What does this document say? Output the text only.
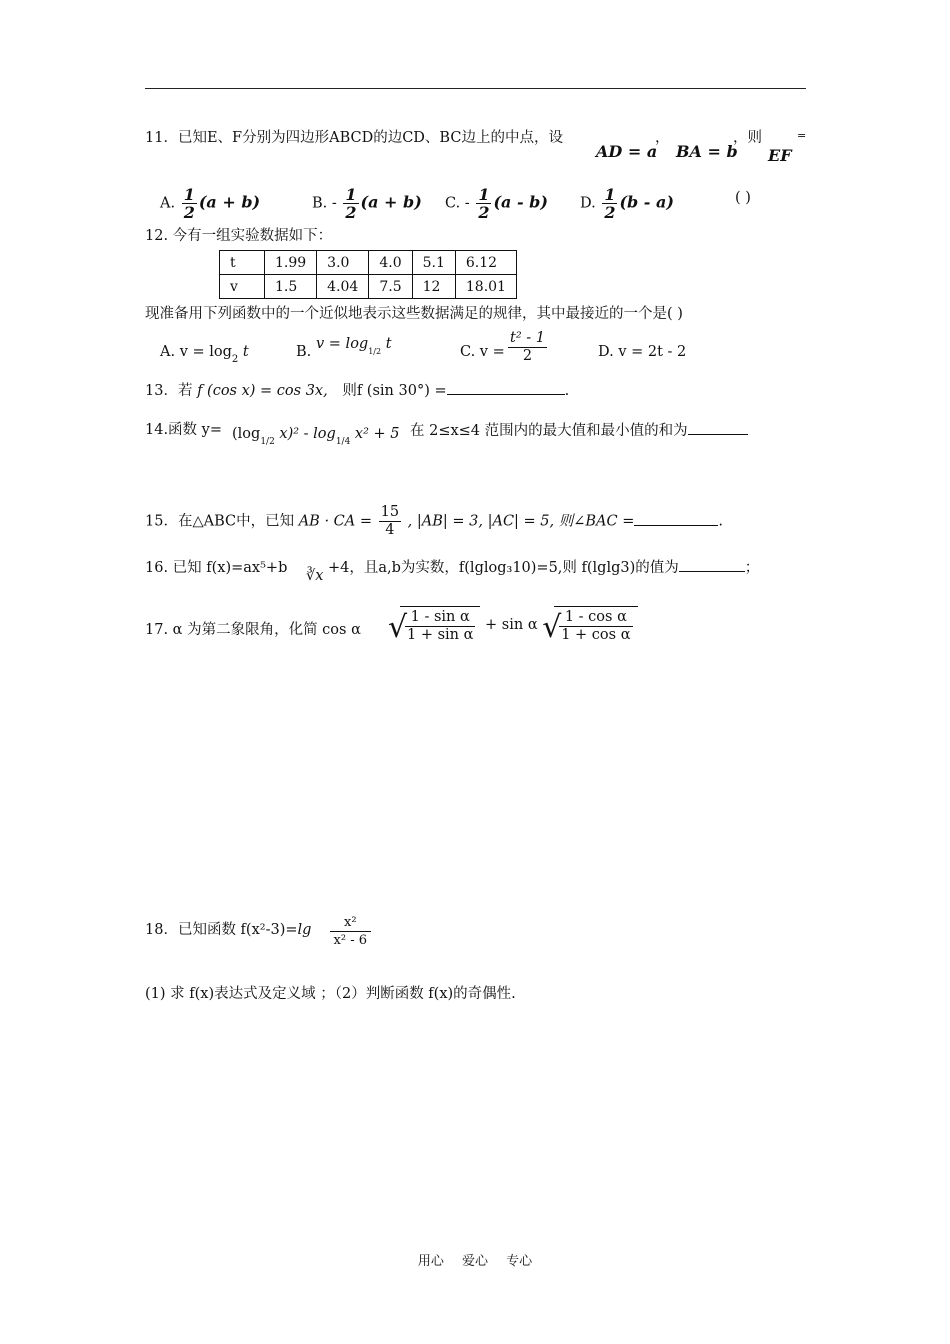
11．已知E、F分别为四边形ABCD的边CD、BC边上的中点，设
AD = a
，
BA = b
，则
EF
=
A. $\frac{1}{2} (a + b)$	B. - $\frac{1}{2} (a + b)$ C. - $\frac{1}{2} (a - b)$ D. $\frac{1}{2} (b - a)$	( )
12. 今有一组实验数据如下：
t	1.99	3.0	4.0	5.1	6.12
v	1.5	4.04	7.5	12	18.01
现准备用下列函数中的一个近似地表示这些数据满足的规律，其中最接近的一个是( )
A. $v = \log_2 t$	B. $v = \log_{1/2} t$	C. $v = \frac{\text{t² - 1}}{2}$	D. v = 2t - 2
13．若 f (cos x) = cos 3x, 则f (sin 30°) =	.
14.函数 $y= (\log_{1/2}$ $x)^2 - \log_{1/4} x^2 + 5$ 在 2≤x≤4 范围内的最大值和最小值的和为
15．在△ABC中，已知 AB · CA = $\frac{15}{4}$ , |AB| = 3, |AC| = 5, 则∠BAC =	.
16. 已知 f(x)=ax⁵+b ∛x +4，且a,b为实数，f(lglog₃10)=5,则 f(lglg3)的值为	；
17. α 为第二象限角，化简 cos α √
$\frac{\text{1 - sin α}}{\text{1 + sin α}} + \sin \alpha$ √
$\frac{\text{1 - cos α}}{\text{1 + cos α}}$
18．已知函数 $f(x^2-3)=\lg \frac{\text{x²}}{\text{x² - 6}}$
(1) 求 f(x)表达式及定义域 ；（2）判断函数 f(x)的奇偶性.
用心 爱心 专心
